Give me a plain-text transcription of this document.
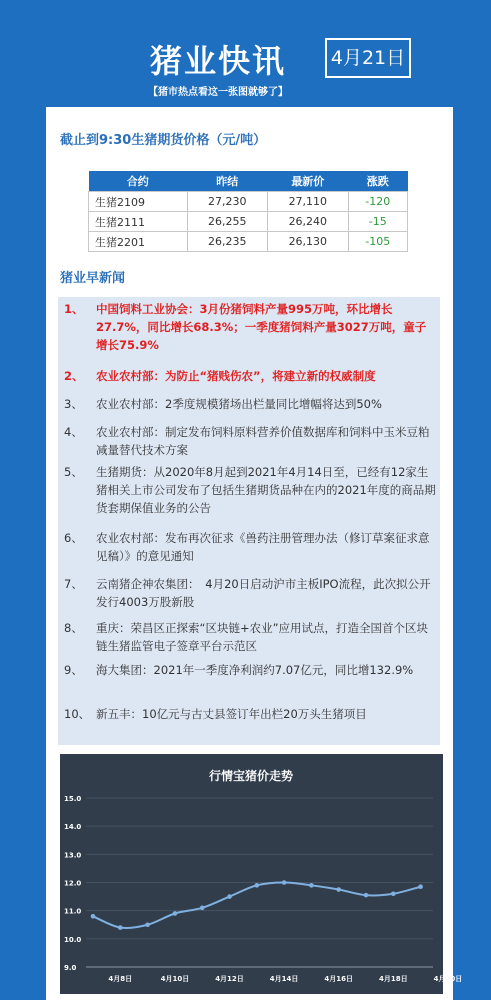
猪业快讯	4月21日
【猪市热点看这一张图就够了】
截止到9:30生猪期货价格（元/吨）
合约	昨结	最新价	涨跌
生猪2109	27,230	27,110	-120
生猪2111	26,255	26,240	-15
生猪2201	26,235	26,130	-105
猪业早新闻
1、 中国饲料工业协会：3月份猪饲料产量995万吨，环比增长27.7%，同比增长68.3%；一季度猪饲料产量3027万吨，童子增长75.9%
2、 农业农村部：为防止“猪贱伤农”，将建立新的权威制度
3、 农业农村部：2季度规模猪场出栏量同比增幅将达到50%
4、 农业农村部：制定发布饲料原料营养价值数据库和饲料中玉米豆粕减量替代技术方案
5、 生猪期货：从2020年8月起到2021年4月14日至，已经有12家生猪相关上市公司发布了包括生猪期货品种在内的2021年度的商品期货套期保值业务的公告
6、 农业农村部：发布再次征求《兽药注册管理办法（修订草案征求意见稿）》的意见通知
7、 云南猪企神农集团：　4月20日启动沪市主板IPO流程，此次拟公开发行4003万股新股
8、 重庆：荣昌区正探索“区块链+农业”应用试点，打造全国首个区块链生猪监管电子签章平台示范区
9、 海大集团：2021年一季度净利润约7.07亿元，同比增132.9%
10、 新五丰：10亿元与古丈县签订年出栏20万头生猪项目
行情宝猪价走势
9.0
10.0
11.0
12.0
13.0
14.0
15.0
4月8日	4月10日	4月12日	4月14日	4月16日	4月18日	4月20日
